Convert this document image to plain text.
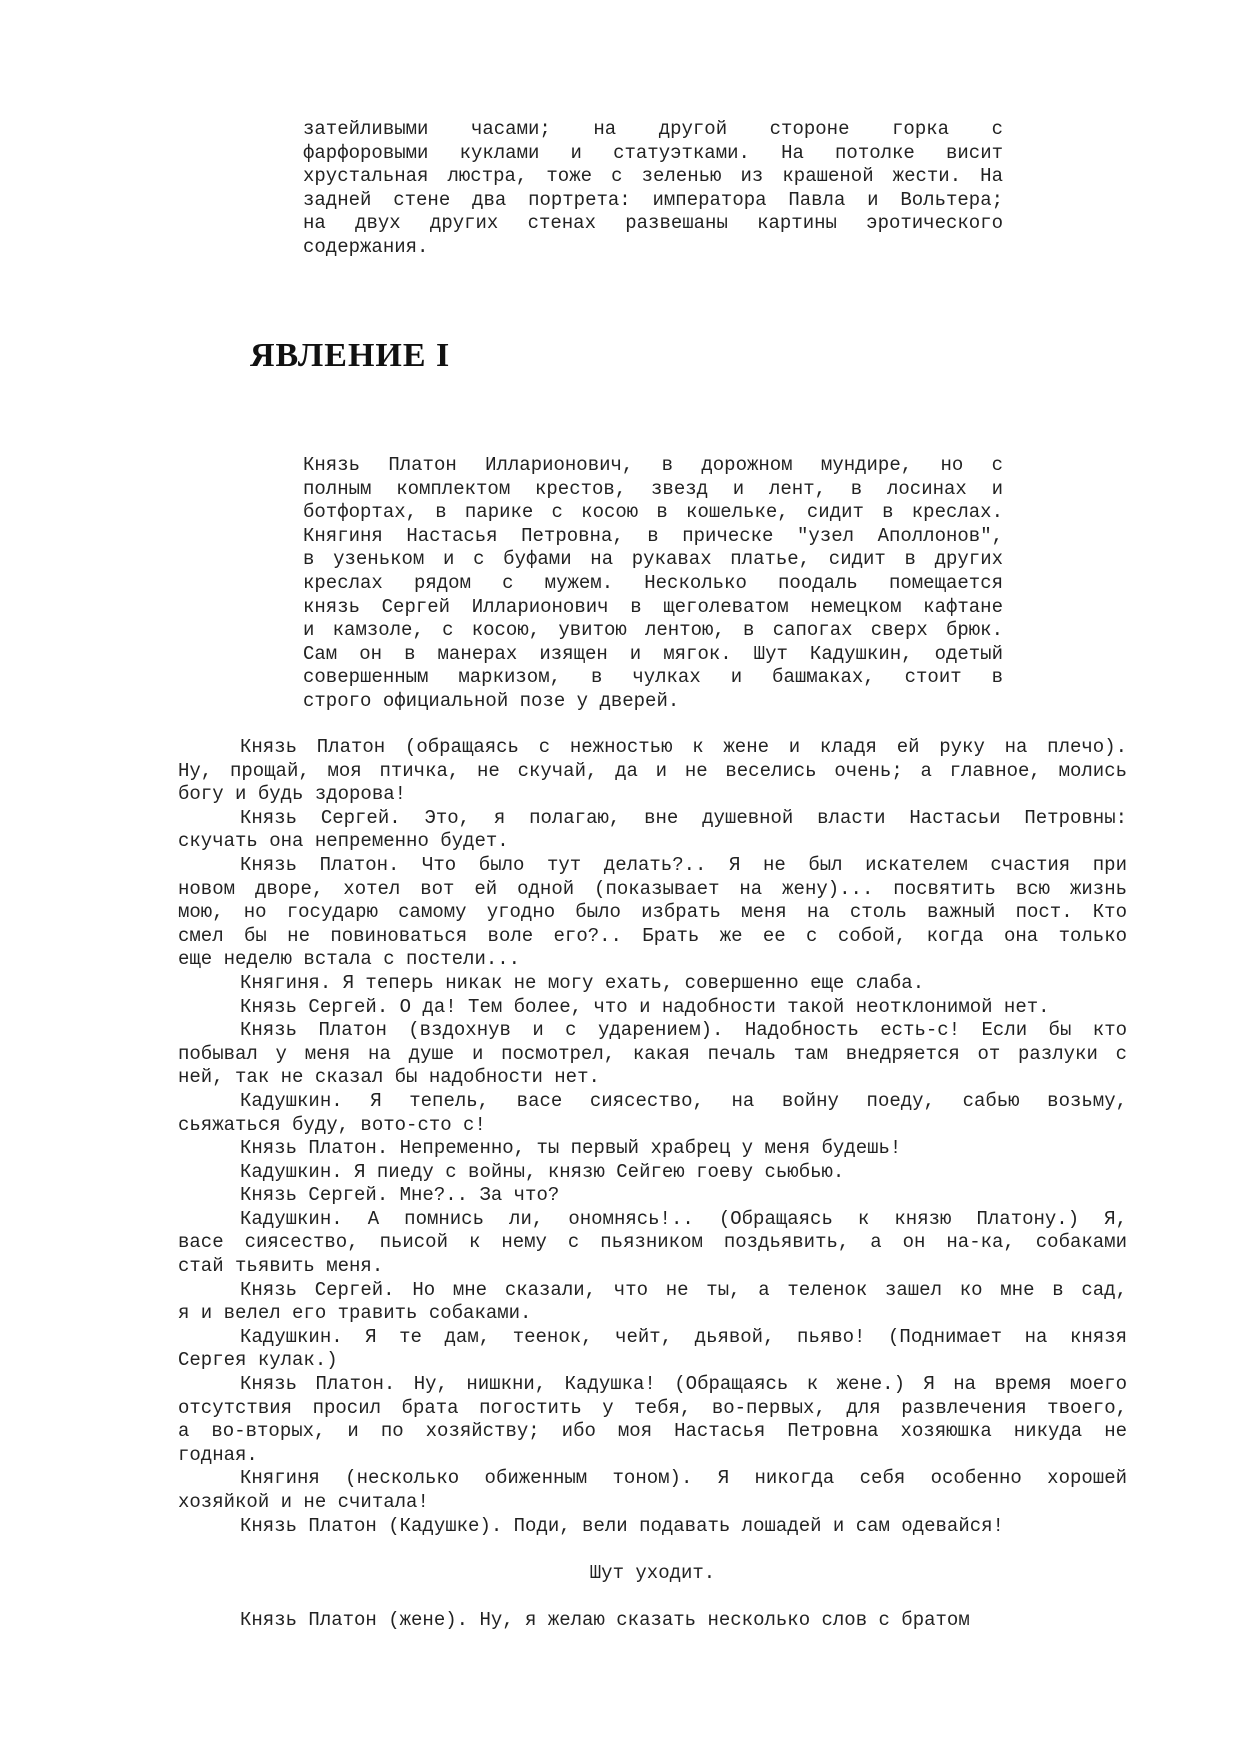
затейливыми часами; на другой стороне горка с
фарфоровыми куклами и статуэтками. На потолке висит
хрустальная люстра, тоже с зеленью из крашеной жести. На
задней стене два портрета: императора Павла и Вольтера;
на двух других стенах развешаны картины эротического
содержания.
ЯВЛЕНИЕ I
Князь Платон Илларионович, в дорожном мундире, но с
полным комплектом крестов, звезд и лент, в лосинах и
ботфортах, в парике с косою в кошельке, сидит в креслах.
Княгиня Настасья Петровна, в прическе "узел Аполлонов",
в узеньком и с буфами на рукавах платье, сидит в других
креслах рядом с мужем. Несколько поодаль помещается
князь Сергей Илларионович в щеголеватом немецком кафтане
и камзоле, с косою, увитою лентою, в сапогах сверх брюк.
Сам он в манерах изящен и мягок. Шут Кадушкин, одетый
совершенным маркизом, в чулках и башмаках, стоит в
строго официальной позе у дверей.
Князь Платон (обращаясь с нежностью к жене и кладя ей руку на плечо).
Ну, прощай, моя птичка, не скучай, да и не веселись очень; а главное, молись
богу и будь здорова!
Князь Сергей. Это, я полагаю, вне душевной власти Настасьи Петровны:
скучать она непременно будет.
Князь Платон. Что было тут делать?.. Я не был искателем счастия при
новом дворе, хотел вот ей одной (показывает на жену)... посвятить всю жизнь
мою, но государю самому угодно было избрать меня на столь важный пост. Кто
смел бы не повиноваться воле его?.. Брать же ее с собой, когда она только
еще неделю встала с постели...
Княгиня. Я теперь никак не могу ехать, совершенно еще слаба.
Князь Сергей. О да! Тем более, что и надобности такой неотклонимой нет.
Князь Платон (вздохнув и с ударением). Надобность есть-с! Если бы кто
побывал у меня на душе и посмотрел, какая печаль там внедряется от разлуки с
ней, так не сказал бы надобности нет.
Кадушкин. Я тепель, васе сиясество, на войну поеду, сабью возьму,
сьяжаться буду, вото-сто с!
Князь Платон. Непременно, ты первый храбрец у меня будешь!
Кадушкин. Я пиеду с войны, князю Сейгею гоеву сьюбью.
Князь Сергей. Мне?.. За что?
Кадушкин. А помнись ли, ономнясь!.. (Обращаясь к князю Платону.) Я,
васе сиясество, пьисой к нему с пьязником поздьявить, а он на-ка, собаками
стай тьявить меня.
Князь Сергей. Но мне сказали, что не ты, а теленок зашел ко мне в сад,
я и велел его травить собаками.
Кадушкин. Я те дам, теенок, чейт, дьявой, пьяво! (Поднимает на князя
Сергея кулак.)
Князь Платон. Ну, нишкни, Кадушка! (Обращаясь к жене.) Я на время моего
отсутствия просил брата погостить у тебя, во-первых, для развлечения твоего,
а во-вторых, и по хозяйству; ибо моя Настасья Петровна хозяюшка никуда не
годная.
Княгиня (несколько обиженным тоном). Я никогда себя особенно хорошей
хозяйкой и не считала!
Князь Платон (Кадушке). Поди, вели подавать лошадей и сам одевайся!
Шут уходит.
Князь Платон (жене). Ну, я желаю сказать несколько слов с братом
